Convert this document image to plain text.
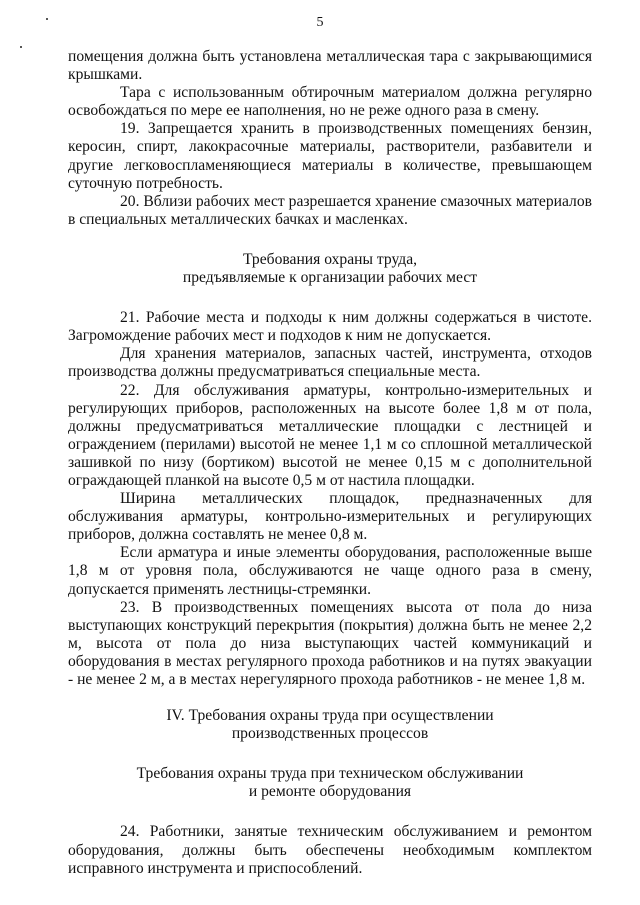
5

помещения должна быть установлена металлическая тара с закрывающимися крышками.

Тара с использованным обтирочным материалом должна регулярно освобождаться по мере ее наполнения, но не реже одного раза в смену.

19. Запрещается хранить в производственных помещениях бензин, керосин, спирт, лакокрасочные материалы, растворители, разбавители и другие легковоспламеняющиеся материалы в количестве, превышающем суточную потребность.

20. Вблизи рабочих мест разрешается хранение смазочных материалов в специальных металлических бачках и масленках.

Требования охраны труда,
предъявляемые к организации рабочих мест

21. Рабочие места и подходы к ним должны содержаться в чистоте. Загромождение рабочих мест и подходов к ним не допускается.

Для хранения материалов, запасных частей, инструмента, отходов производства должны предусматриваться специальные места.

22. Для обслуживания арматуры, контрольно-измерительных и регулирующих приборов, расположенных на высоте более 1,8 м от пола, должны предусматриваться металлические площадки с лестницей и ограждением (перилами) высотой не менее 1,1 м со сплошной металлической зашивкой по низу (бортиком) высотой не менее 0,15 м с дополнительной ограждающей планкой на высоте 0,5 м от настила площадки.

Ширина металлических площадок, предназначенных для обслуживания арматуры, контрольно-измерительных и регулирующих приборов, должна составлять не менее 0,8 м.

Если арматура и иные элементы оборудования, расположенные выше 1,8 м от уровня пола, обслуживаются не чаще одного раза в смену, допускается применять лестницы-стремянки.

23. В производственных помещениях высота от пола до низа выступающих конструкций перекрытия (покрытия) должна быть не менее 2,2 м, высота от пола до низа выступающих частей коммуникаций и оборудования в местах регулярного прохода работников и на путях эвакуации - не менее 2 м, а в местах нерегулярного прохода работников - не менее 1,8 м.

IV. Требования охраны труда при осуществлении
производственных процессов
Требования охраны труда при техническом обслуживании
и ремонте оборудования

24. Работники, занятые техническим обслуживанием и ремонтом оборудования, должны быть обеспечены необходимым комплектом исправного инструмента и приспособлений.
